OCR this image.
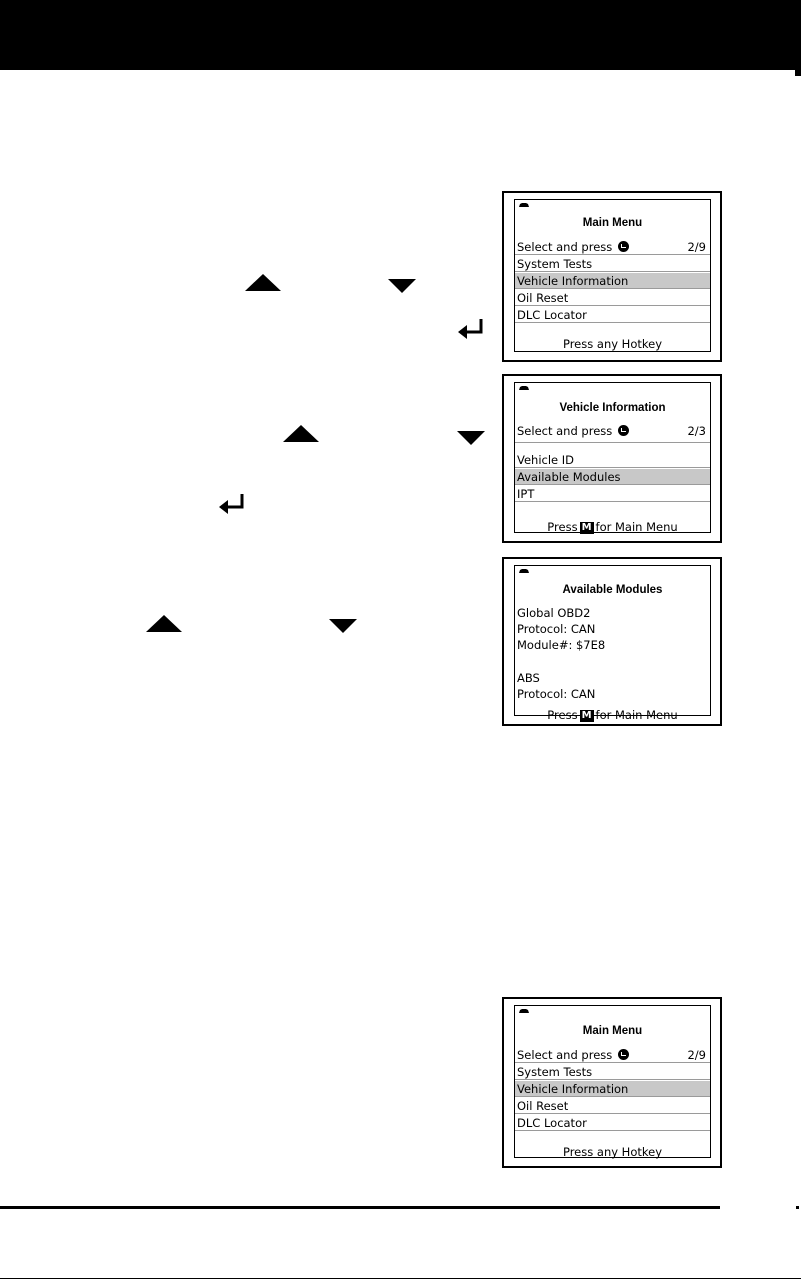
Main Menu
Select and press	2/9
System Tests
Vehicle Information
Oil Reset
DLC Locator
Press any Hotkey
Vehicle Information
Select and press	2/3
Vehicle ID
Available Modules
IPT
Press M for Main Menu
Available Modules
Global OBD2
Protocol: CAN
Module#: $7E8
ABS
Protocol: CAN
Press M for Main Menu
Main Menu
Select and press	2/9
System Tests
Vehicle Information
Oil Reset
DLC Locator
Press any Hotkey
